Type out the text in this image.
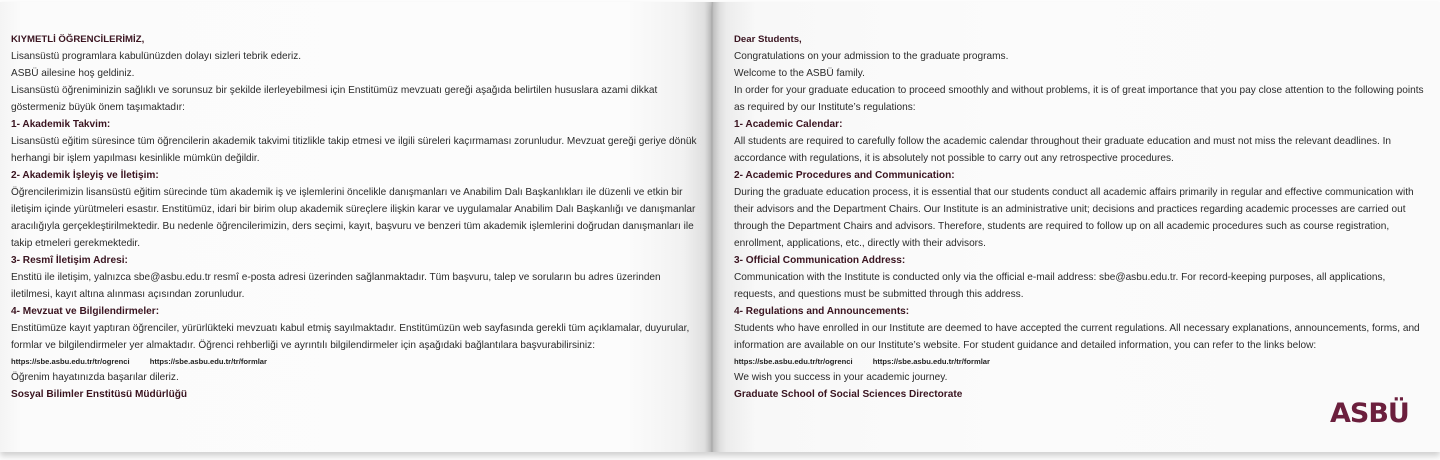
KIYMETLİ ÖĞRENCİLERİMİZ,

Lisansüstü programlara kabulünüzden dolayı sizleri tebrik ederiz.

ASBÜ ailesine hoş geldiniz.

Lisansüstü öğreniminizin sağlıklı ve sorunsuz bir şekilde ilerleyebilmesi için Enstitümüz mevzuatı gereği aşağıda belirtilen hususlara azami dikkat göstermeniz büyük önem taşımaktadır:

1- Akademik Takvim:

Lisansüstü eğitim süresince tüm öğrencilerin akademik takvimi titizlikle takip etmesi ve ilgili süreleri kaçırmaması zorunludur. Mevzuat gereği geriye dönük herhangi bir işlem yapılması kesinlikle mümkün değildir.

2- Akademik İşleyiş ve İletişim:

Öğrencilerimizin lisansüstü eğitim sürecinde tüm akademik iş ve işlemlerini öncelikle danışmanları ve Anabilim Dalı Başkanlıkları ile düzenli ve etkin bir iletişim içinde yürütmeleri esastır. Enstitümüz, idari bir birim olup akademik süreçlere ilişkin karar ve uygulamalar Anabilim Dalı Başkanlığı ve danışmanlar aracılığıyla gerçekleştirilmektedir. Bu nedenle öğrencilerimizin, ders seçimi, kayıt, başvuru ve benzeri tüm akademik işlemlerini doğrudan danışmanları ile takip etmeleri gerekmektedir.

3- Resmî İletişim Adresi:

Enstitü ile iletişim, yalnızca sbe@asbu.edu.tr resmî e-posta adresi üzerinden sağlanmaktadır. Tüm başvuru, talep ve soruların bu adres üzerinden iletilmesi, kayıt altına alınması açısından zorunludur.

4- Mevzuat ve Bilgilendirmeler:

Enstitümüze kayıt yaptıran öğrenciler, yürürlükteki mevzuatı kabul etmiş sayılmaktadır. Enstitümüzün web sayfasında gerekli tüm açıklamalar, duyurular, formlar ve bilgilendirmeler yer almaktadır. Öğrenci rehberliği ve ayrıntılı bilgilendirmeler için aşağıdaki bağlantılara başvurabilirsiniz:

https://sbe.asbu.edu.tr/tr/ogrenci	https://sbe.asbu.edu.tr/tr/formlar

Öğrenim hayatınızda başarılar dileriz.

Sosyal Bilimler Enstitüsü Müdürlüğü

Dear Students,

Congratulations on your admission to the graduate programs.

Welcome to the ASBÜ family.

In order for your graduate education to proceed smoothly and without problems, it is of great importance that you pay close attention to the following points as required by our Institute’s regulations:

1- Academic Calendar:

All students are required to carefully follow the academic calendar throughout their graduate education and must not miss the relevant deadlines. In accordance with regulations, it is absolutely not possible to carry out any retrospective procedures.

2- Academic Procedures and Communication:

During the graduate education process, it is essential that our students conduct all academic affairs primarily in regular and effective communication with their advisors and the Department Chairs. Our Institute is an administrative unit; decisions and practices regarding academic processes are carried out through the Department Chairs and advisors. Therefore, students are required to follow up on all academic procedures such as course registration, enrollment, applications, etc., directly with their advisors.

3- Official Communication Address:

Communication with the Institute is conducted only via the official e-mail address: sbe@asbu.edu.tr. For record-keeping purposes, all applications, requests, and questions must be submitted through this address.

4- Regulations and Announcements:

Students who have enrolled in our Institute are deemed to have accepted the current regulations. All necessary explanations, announcements, forms, and information are available on our Institute’s website. For student guidance and detailed information, you can refer to the links below:

https://sbe.asbu.edu.tr/tr/ogrenci	https://sbe.asbu.edu.tr/tr/formlar

We wish you success in your academic journey.

Graduate School of Social Sciences Directorate

ASBÜ
